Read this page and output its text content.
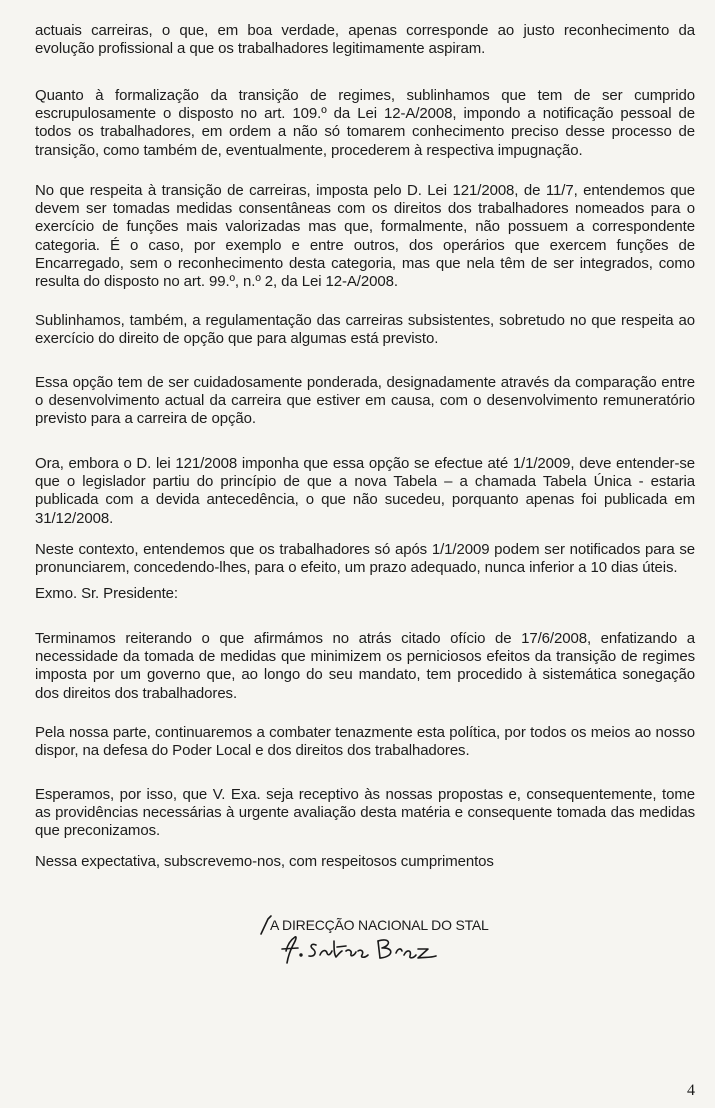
actuais carreiras, o que, em boa verdade, apenas corresponde ao justo reconhecimento da evolução profissional a que os trabalhadores legitimamente aspiram.

Quanto à formalização da transição de regimes, sublinhamos que tem de ser cumprido escrupulosamente o disposto no art. 109.º da Lei 12-A/2008, impondo a notificação pessoal de todos os trabalhadores, em ordem a não só tomarem conhecimento preciso desse processo de transição, como também de, eventualmente, procederem à respectiva impugnação.

No que respeita à transição de carreiras, imposta pelo D. Lei 121/2008, de 11/7, entendemos que devem ser tomadas medidas consentâneas com os direitos dos trabalhadores nomeados para o exercício de funções mais valorizadas mas que, formalmente, não possuem a correspondente categoria. É o caso, por exemplo e entre outros, dos operários que exercem funções de Encarregado, sem o reconhecimento desta categoria, mas que nela têm de ser integrados, como resulta do disposto no art. 99.º, n.º 2, da Lei 12-A/2008.

Sublinhamos, também, a regulamentação das carreiras subsistentes, sobretudo no que respeita ao exercício do direito de opção que para algumas está previsto.

Essa opção tem de ser cuidadosamente ponderada, designadamente através da comparação entre o desenvolvimento actual da carreira que estiver em causa, com o desenvolvimento remuneratório previsto para a carreira de opção.

Ora, embora o D. lei 121/2008 imponha que essa opção se efectue até 1/1/2009, deve entender-se que o legislador partiu do princípio de que a nova Tabela – a chamada Tabela Única - estaria publicada com a devida antecedência, o que não sucedeu, porquanto apenas foi publicada em 31/12/2008.

Neste contexto, entendemos que os trabalhadores só após 1/1/2009 podem ser notificados para se pronunciarem, concedendo-lhes, para o efeito, um prazo adequado, nunca inferior a 10 dias úteis.

Exmo. Sr. Presidente:

Terminamos reiterando o que afirmámos no atrás citado ofício de 17/6/2008, enfatizando a necessidade da tomada de medidas que minimizem os perniciosos efeitos da transição de regimes imposta por um governo que, ao longo do seu mandato, tem procedido à sistemática sonegação dos direitos dos trabalhadores.

Pela nossa parte, continuaremos a combater tenazmente esta política, por todos os meios ao nosso dispor, na defesa do Poder Local e dos direitos dos trabalhadores.

Esperamos, por isso, que V. Exa. seja receptivo às nossas propostas e, consequentemente, tome as providências necessárias à urgente avaliação desta matéria e consequente tomada das medidas que preconizamos.

Nessa expectativa, subscrevemo-nos, com respeitosos cumprimentos

A DIRECÇÃO NACIONAL DO STAL
4
